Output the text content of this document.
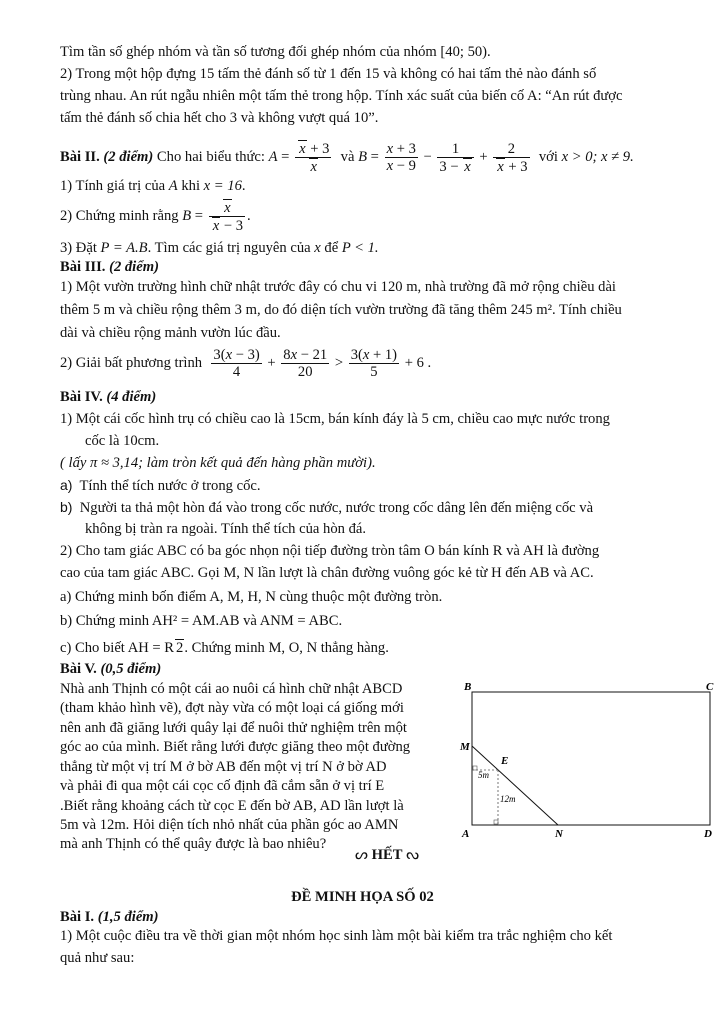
Tìm tần số ghép nhóm và tần số tương đối ghép nhóm của nhóm [40; 50).
2) Trong một hộp đựng 15 tấm thẻ đánh số từ 1 đến 15 và không có hai tấm thẻ nào đánh số
trùng nhau. An rút ngẫu nhiên một tấm thẻ trong hộp. Tính xác suất của biến cố A: “An rút được
tấm thẻ đánh số chia hết cho 3 và không vượt quá 10”.
Bài II. (2 điểm) Cho hai biểu thức: $A = \frac{x + 3}{x}$ và $B = \frac{x + 3}{x - 9} - \frac{1}{3 - x} + \frac{2}{x + 3}$ với x > 0; x ≠ 9.
1) Tính giá trị của A khi x = 16.
2) Chứng minh rằng $B = \frac{x}{x - 3}$ .
3) Đặt P = A.B. Tìm các giá trị nguyên của x để P < 1.
Bài III. (2 điểm)
1) Một vườn trường hình chữ nhật trước đây có chu vi 120 m, nhà trường đã mở rộng chiều dài
thêm 5 m và chiều rộng thêm 3 m, do đó diện tích vườn trường đã tăng thêm 245 m². Tính chiều
dài và chiều rộng mảnh vườn lúc đầu.
2) Giải bất phương trình $\frac{3(x - 3)}{4} + \frac{8x - 21}{20} > \frac{3(x + 1)}{5} + 6$ .
Bài IV. (4 điểm)
1) Một cái cốc hình trụ có chiều cao là 15cm, bán kính đáy là 5 cm, chiều cao mực nước trong
cốc là 10cm.
( lấy π ≈ 3,14; làm tròn kết quả đến hàng phần mười).
a) Tính thể tích nước ở trong cốc.
b) Người ta thả một hòn đá vào trong cốc nước, nước trong cốc dâng lên đến miệng cốc và
không bị tràn ra ngoài. Tính thể tích của hòn đá.
2) Cho tam giác ABC có ba góc nhọn nội tiếp đường tròn tâm O bán kính R và AH là đường
cao của tam giác ABC. Gọi M, N lần lượt là chân đường vuông góc kẻ từ H đến AB và AC.
a) Chứng minh bốn điểm A, M, H, N cùng thuộc một đường tròn.
b) Chứng minh AH² = AM.AB và ANM = ABC.
c) Cho biết AH = R 2. Chứng minh M, O, N thẳng hàng.
Bài V. (0,5 điểm)
Nhà anh Thịnh có một cái ao nuôi cá hình chữ nhật ABCD
(tham khảo hình vẽ), đợt này vừa có một loại cá giống mới
nên anh đã giăng lưới quây lại để nuôi thử nghiệm trên một
góc ao của mình. Biết rằng lưới được giăng theo một đường
thẳng từ một vị trí M ở bờ AB đến một vị trí N ở bờ AD
và phải đi qua một cái cọc cố định đã cắm sẵn ở vị trí E
.Biết rằng khoảng cách từ cọc E đến bờ AB, AD lần lượt là
5m và 12m. Hỏi diện tích nhỏ nhất của phần góc ao AMN
mà anh Thịnh có thể quây được là bao nhiêu?
ᔕ HẾT ᔓ
B	C
M
E
5m
12m
A	N	D
ĐỀ MINH HỌA SỐ 02
Bài I. (1,5 điểm)
1) Một cuộc điều tra về thời gian một nhóm học sinh làm một bài kiểm tra trắc nghiệm cho kết
quả như sau:
